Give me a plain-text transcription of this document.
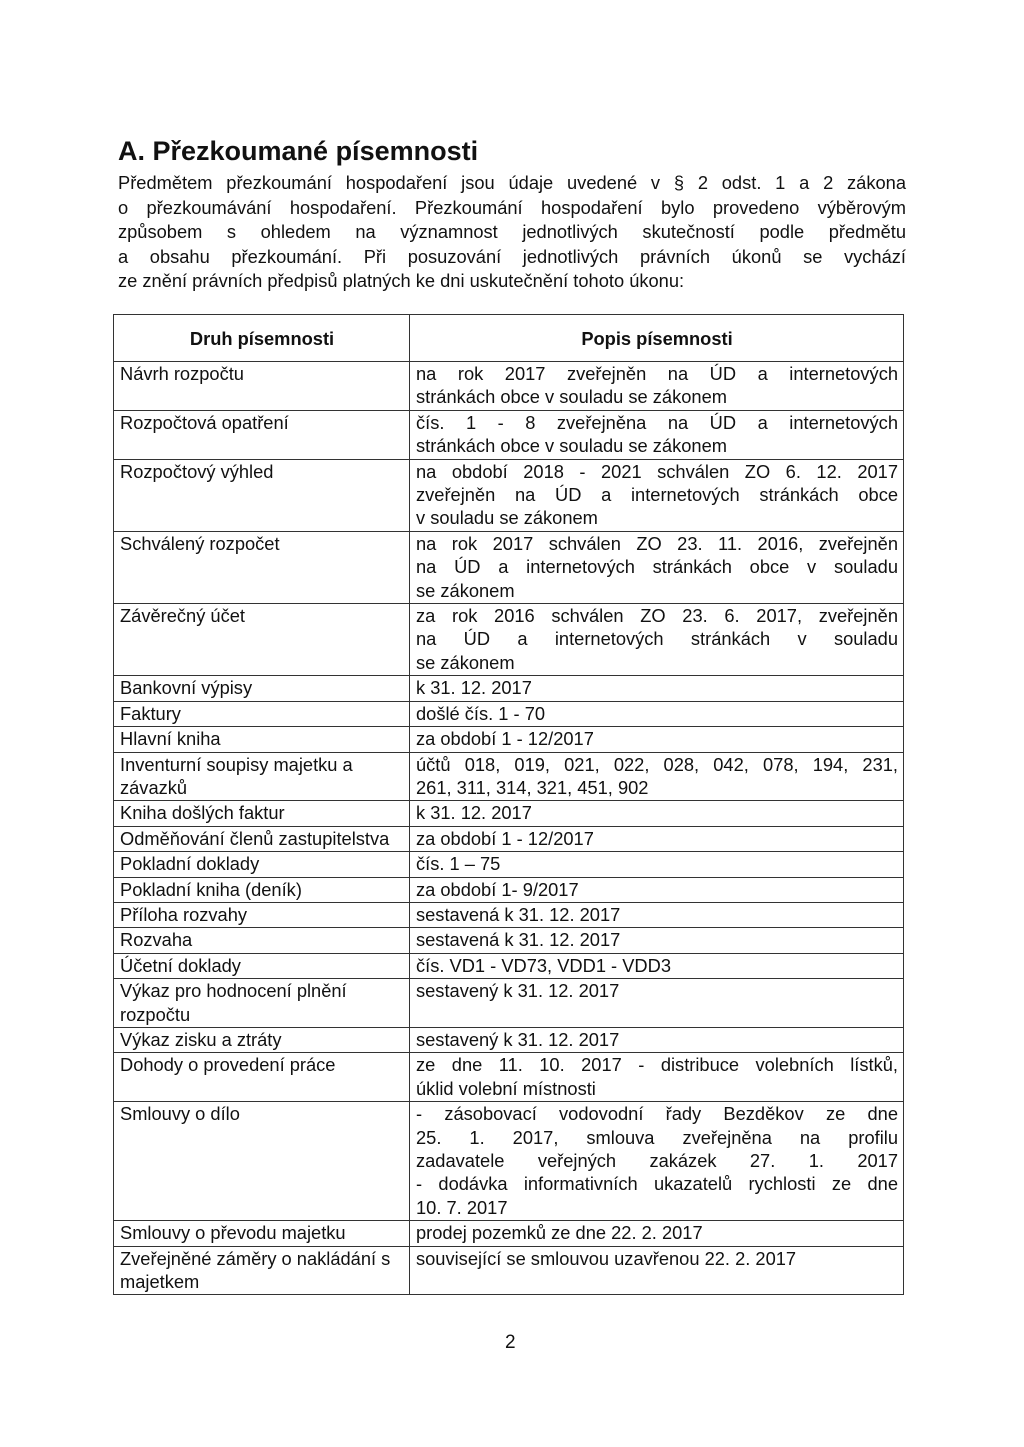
A. Přezkoumané písemnosti
Předmětem přezkoumání hospodaření jsou údaje uvedené v § 2 odst. 1 a 2 zákona
o přezkoumávání hospodaření. Přezkoumání hospodaření bylo provedeno výběrovým
způsobem s ohledem na významnost jednotlivých skutečností podle předmětu
a obsahu přezkoumání. Při posuzování jednotlivých právních úkonů se vychází
ze znění právních předpisů platných ke dni uskutečnění tohoto úkonu:
Druh písemnosti	Popis písemnosti
Návrh rozpočtu	na rok 2017 zveřejněn na ÚD a internetových
stránkách obce v souladu se zákonem

Rozpočtová opatření	čís. 1 - 8 zveřejněna na ÚD a internetových
stránkách obce v souladu se zákonem

Rozpočtový výhled	na období 2018 - 2021 schválen ZO 6. 12. 2017
zveřejněn na ÚD a internetových stránkách obce
v souladu se zákonem

Schválený rozpočet	na rok 2017 schválen ZO 23. 11. 2016, zveřejněn
na ÚD a internetových stránkách obce v souladu
se zákonem

Závěrečný účet	za rok 2016 schválen ZO 23. 6. 2017, zveřejněn
na ÚD a internetových stránkách v souladu
se zákonem

Bankovní výpisy	k 31. 12. 2017

Faktury	došlé čís. 1 - 70

Hlavní kniha	za období 1 - 12/2017

Inventurní soupisy majetku a závazků	účtů 018, 019, 021, 022, 028, 042, 078, 194, 231,
261, 311, 314, 321, 451, 902

Kniha došlých faktur	k 31. 12. 2017

Odměňování členů zastupitelstva	za období 1 - 12/2017

Pokladní doklady	čís. 1 – 75

Pokladní kniha (deník)	za období 1- 9/2017

Příloha rozvahy	sestavená k 31. 12. 2017

Rozvaha	sestavená k 31. 12. 2017

Účetní doklady	čís. VD1 - VD73, VDD1 - VDD3

Výkaz pro hodnocení plnění rozpočtu	sestavený k 31. 12. 2017

Výkaz zisku a ztráty	sestavený k 31. 12. 2017

Dohody o provedení práce	ze dne 11. 10. 2017 - distribuce volebních lístků,
úklid volební místnosti

Smlouvy o dílo	- zásobovací vodovodní řady Bezděkov ze dne
25. 1. 2017, smlouva zveřejněna na profilu
zadavatele veřejných zakázek 27. 1. 2017
- dodávka informativních ukazatelů rychlosti ze dne
10. 7. 2017

Smlouvy o převodu majetku	prodej pozemků ze dne 22. 2. 2017

Zveřejněné záměry o nakládání s majetkem	související se smlouvou uzavřenou 22. 2. 2017
2
